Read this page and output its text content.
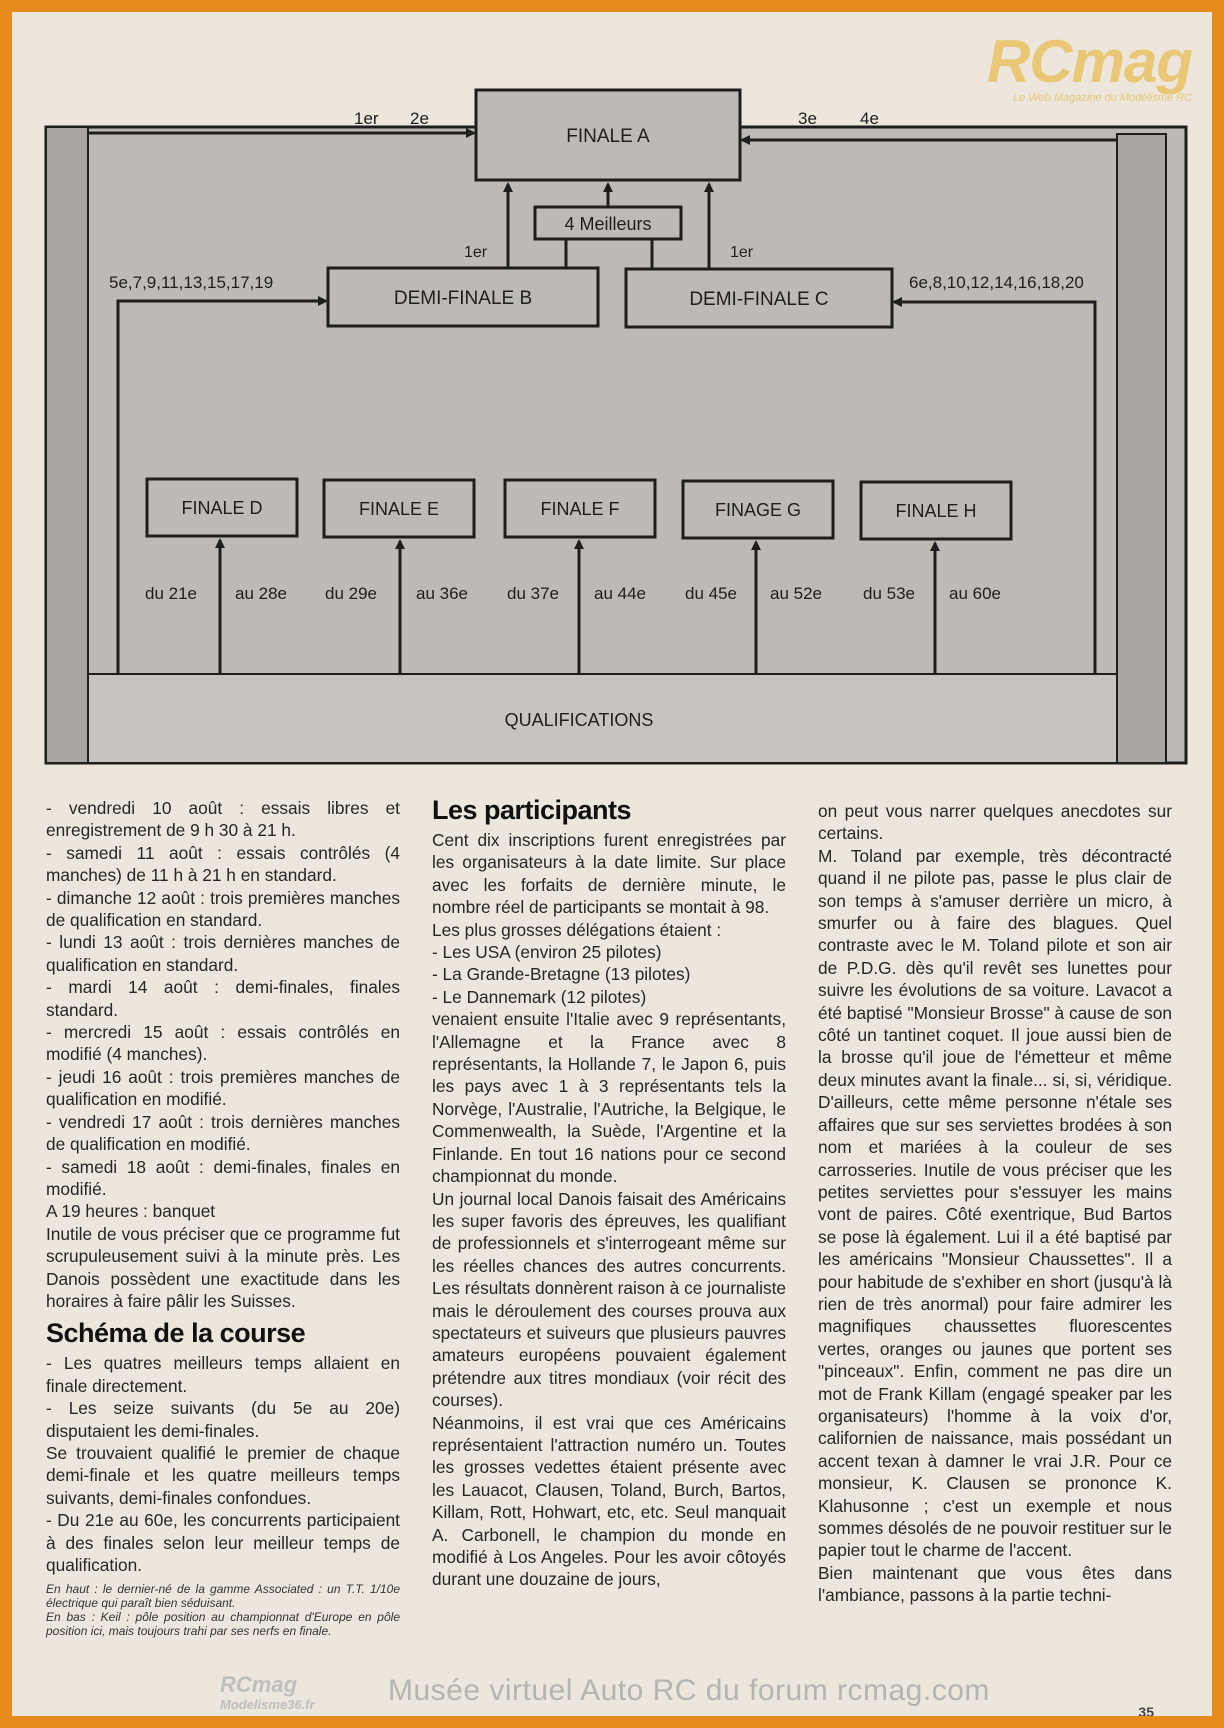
RCmag
Le Web Magazine du Modélisme RC
QUALIFICATIONS
FINALE A
1er 2e	3e	4e
4 Meilleurs
1er	1er
DEMI-FINALE B	DEMI-FINALE C
5e,7,9,11,13,15,17,19	6e,8,10,12,14,16,18,20
FINALE D
du 21e au 28e
FINALE E
du 29e au 36e
FINALE F
du 37e au 44e
FINAGE G
du 45e au 52e
FINALE H
du 53e au 60e

- vendredi 10 août : essais libres et enregistrement de 9 h 30 à 21 h.

- samedi 11 août : essais contrôlés (4 manches) de 11 h à 21 h en standard.

- dimanche 12 août : trois premières manches de qualification en standard.

- lundi 13 août : trois dernières manches de qualification en standard.

- mardi 14 août : demi-finales, finales standard.

- mercredi 15 août : essais contrôlés en modifié (4 manches).

- jeudi 16 août : trois premières manches de qualification en modifié.

- vendredi 17 août : trois dernières manches de qualification en modifié.

- samedi 18 août : demi-finales, finales en modifié.

A 19 heures : banquet

Inutile de vous préciser que ce programme fut scrupuleusement suivi à la minute près. Les Danois possèdent une exactitude dans les horaires à faire pâlir les Suisses.

Schéma de la course

- Les quatres meilleurs temps allaient en finale directement.

- Les seize suivants (du 5e au 20e) disputaient les demi-finales.

Se trouvaient qualifié le premier de chaque demi-finale et les quatre meilleurs temps suivants, demi-finales confondues.

- Du 21e au 60e, les concurrents participaient à des finales selon leur meilleur temps de qualification.

En haut : le dernier-né de la gamme Associated : un T.T. 1/10e électrique qui paraît bien séduisant.
En bas : Keil : pôle position au championnat d'Europe en pôle position ici, mais toujours trahi par ses nerfs en finale.
Les participants

Cent dix inscriptions furent enregistrées par les organisateurs à la date limite. Sur place avec les forfaits de dernière minute, le nombre réel de participants se montait à 98.

Les plus grosses délégations étaient :

- Les USA (environ 25 pilotes)

- La Grande-Bretagne (13 pilotes)

- Le Dannemark (12 pilotes)

venaient ensuite l'Italie avec 9 représentants, l'Allemagne et la France avec 8 représentants, la Hollande 7, le Japon 6, puis les pays avec 1 à 3 représentants tels la Norvège, l'Australie, l'Autriche, la Belgique, le Commenwealth, la Suède, l'Argentine et la Finlande. En tout 16 nations pour ce second championnat du monde.

Un journal local Danois faisait des Américains les super favoris des épreuves, les qualifiant de professionnels et s'interrogeant même sur les réelles chances des autres concurrents. Les résultats donnèrent raison à ce journaliste mais le déroulement des courses prouva aux spectateurs et suiveurs que plusieurs pauvres amateurs européens pouvaient également prétendre aux titres mondiaux (voir récit des courses).

Néanmoins, il est vrai que ces Américains représentaient l'attraction numéro un. Toutes les grosses vedettes étaient présente avec les Lauacot, Clausen, Toland, Burch, Bartos, Killam, Rott, Hohwart, etc, etc. Seul manquait A. Carbonell, le champion du monde en modifié à Los Angeles. Pour les avoir côtoyés durant une douzaine de jours,

on peut vous narrer quelques anecdotes sur certains.

M. Toland par exemple, très décontracté quand il ne pilote pas, passe le plus clair de son temps à s'amuser derrière un micro, à smurfer ou à faire des blagues. Quel contraste avec le M. Toland pilote et son air de P.D.G. dès qu'il revêt ses lunettes pour suivre les évolutions de sa voiture. Lavacot a été baptisé "Monsieur Brosse" à cause de son côté un tantinet coquet. Il joue aussi bien de la brosse qu'il joue de l'émetteur et même deux minutes avant la finale... si, si, véridique. D'ailleurs, cette même personne n'étale ses affaires que sur ses serviettes brodées à son nom et mariées à la couleur de ses carrosseries. Inutile de vous préciser que les petites serviettes pour s'essuyer les mains vont de paires. Côté exentrique, Bud Bartos se pose là également. Lui il a été baptisé par les américains "Monsieur Chaussettes". Il a pour habitude de s'exhiber en short (jusqu'à là rien de très anormal) pour faire admirer les magnifiques chaussettes fluorescentes vertes, oranges ou jaunes que portent ses "pinceaux". Enfin, comment ne pas dire un mot de Frank Killam (engagé speaker par les organisateurs) l'homme à la voix d'or, californien de naissance, mais possédant un accent texan à damner le vrai J.R. Pour ce monsieur, K. Clausen se prononce K. Klahusonne ; c'est un exemple et nous sommes désolés de ne pouvoir restituer sur le papier tout le charme de l'accent.

Bien maintenant que vous êtes dans l'ambiance, passons à la partie techni-

RCmag
Modelisme36.fr Musée virtuel Auto RC du forum rcmag.com
35
